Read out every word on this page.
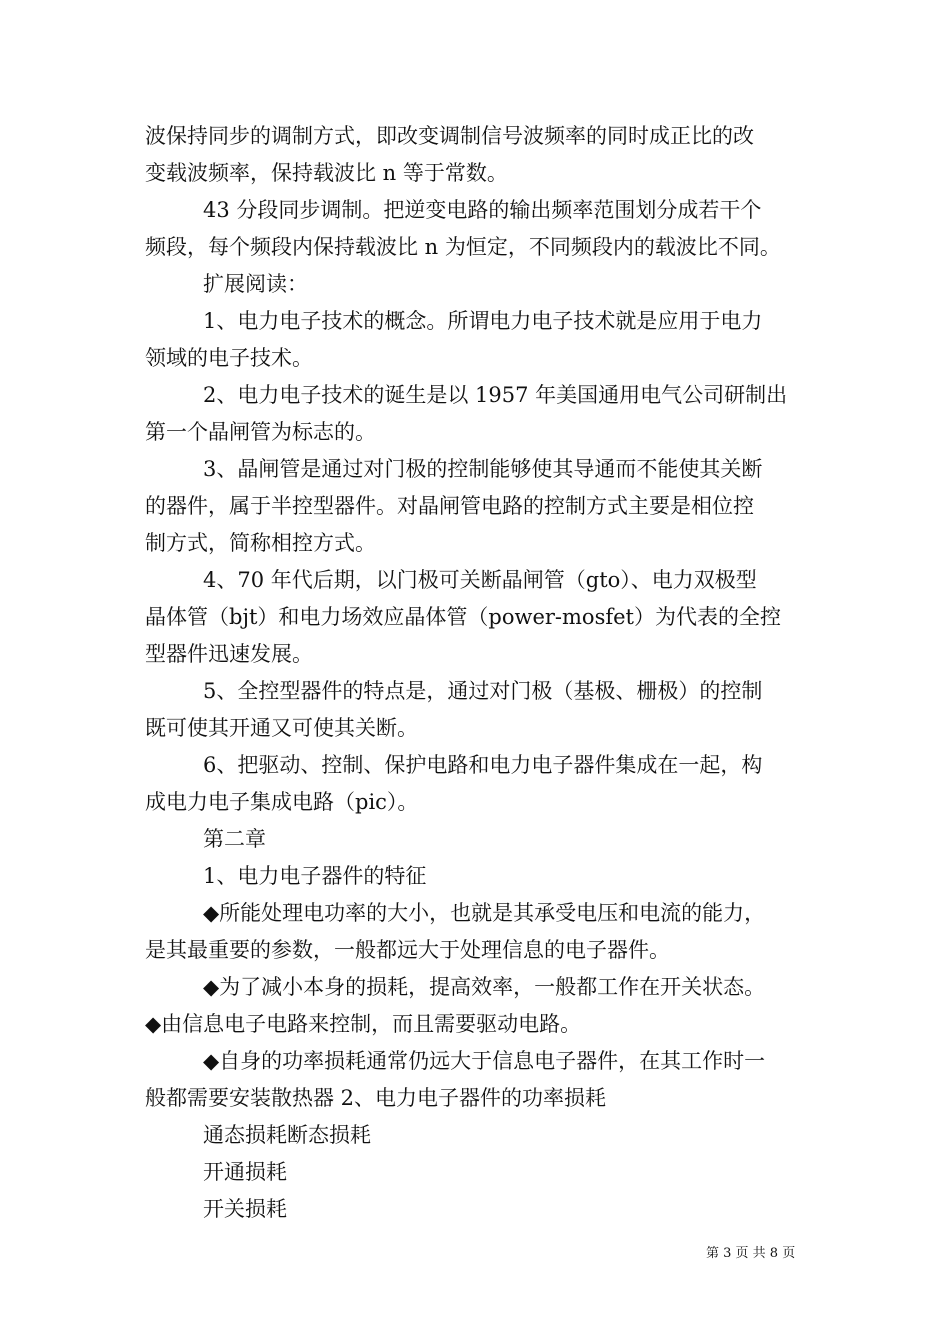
波保持同步的调制方式，即改变调制信号波频率的同时成正比的改
变载波频率，保持载波比 n 等于常数。
43 分段同步调制。把逆变电路的输出频率范围划分成若干个
频段，每个频段内保持载波比 n 为恒定，不同频段内的载波比不同。
扩展阅读：
1、电力电子技术的概念。所谓电力电子技术就是应用于电力
领域的电子技术。
2、电力电子技术的诞生是以 1957 年美国通用电气公司研制出
第一个晶闸管为标志的。
3、晶闸管是通过对门极的控制能够使其导通而不能使其关断
的器件，属于半控型器件。对晶闸管电路的控制方式主要是相位控
制方式，简称相控方式。
4、70 年代后期，以门极可关断晶闸管（gto）、电力双极型
晶体管（bjt）和电力场效应晶体管（power-mosfet）为代表的全控
型器件迅速发展。
5、全控型器件的特点是，通过对门极（基极、栅极）的控制
既可使其开通又可使其关断。
6、把驱动、控制、保护电路和电力电子器件集成在一起，构
成电力电子集成电路（pic）。
第二章
1、电力电子器件的特征
◆所能处理电功率的大小，也就是其承受电压和电流的能力，
是其最重要的参数，一般都远大于处理信息的电子器件。
◆为了减小本身的损耗，提高效率，一般都工作在开关状态。
◆由信息电子电路来控制，而且需要驱动电路。
◆自身的功率损耗通常仍远大于信息电子器件，在其工作时一
般都需要安装散热器 2、电力电子器件的功率损耗
通态损耗断态损耗
开通损耗
开关损耗
第 3 页 共 8 页
